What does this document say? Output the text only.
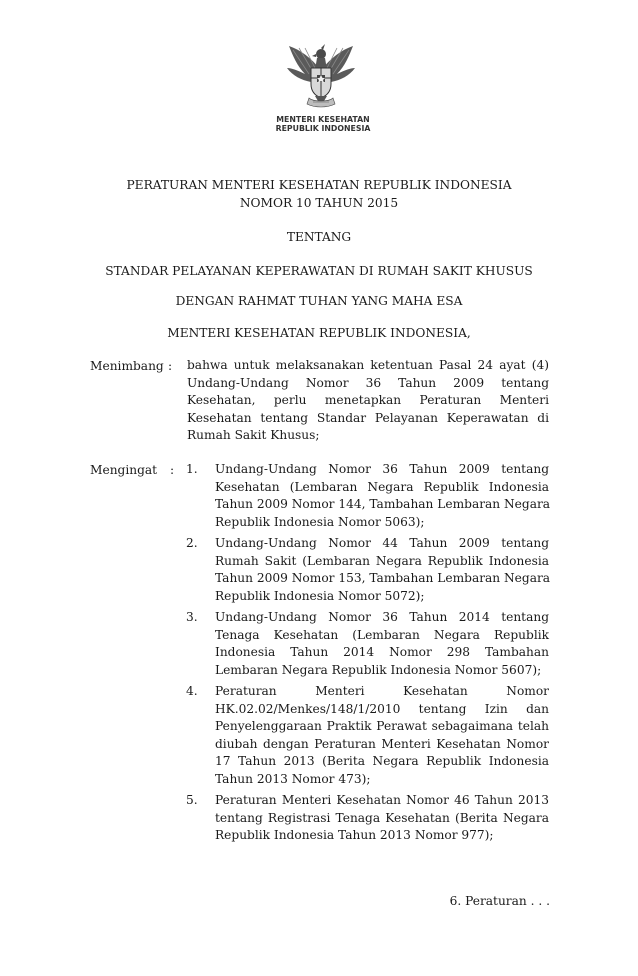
MENTERI KESEHATAN
REPUBLIK INDONESIA
PERATURAN MENTERI KESEHATAN REPUBLIK INDONESIA
NOMOR 10 TAHUN 2015
TENTANG
STANDAR PELAYANAN KEPERAWATAN DI RUMAH SAKIT KHUSUS
DENGAN RAHMAT TUHAN YANG MAHA ESA
MENTERI KESEHATAN REPUBLIK INDONESIA,
Menimbang : bahwa untuk melaksanakan ketentuan Pasal 24 ayat (4)
Undang-Undang Nomor 36 Tahun 2009 tentang
Kesehatan, perlu menetapkan Peraturan Menteri
Kesehatan tentang Standar Pelayanan Keperawatan di
Rumah Sakit Khusus;
Mengingat : 1. Undang-Undang Nomor 36 Tahun 2009 tentang
Kesehatan (Lembaran Negara Republik Indonesia
Tahun 2009 Nomor 144, Tambahan Lembaran Negara
Republik Indonesia Nomor 5063);
2. Undang-Undang Nomor 44 Tahun 2009 tentang
Rumah Sakit (Lembaran Negara Republik Indonesia
Tahun 2009 Nomor 153, Tambahan Lembaran Negara
Republik Indonesia Nomor 5072);
3. Undang-Undang Nomor 36 Tahun 2014 tentang
Tenaga Kesehatan (Lembaran Negara Republik
Indonesia Tahun 2014 Nomor 298 Tambahan
Lembaran Negara Republik Indonesia Nomor 5607);
4. Peraturan Menteri Kesehatan Nomor
HK.02.02/Menkes/148/1/2010 tentang Izin dan
Penyelenggaraan Praktik Perawat sebagaimana telah
diubah dengan Peraturan Menteri Kesehatan Nomor
17 Tahun 2013 (Berita Negara Republik Indonesia
Tahun 2013 Nomor 473);
5. Peraturan Menteri Kesehatan Nomor 46 Tahun 2013
tentang Registrasi Tenaga Kesehatan (Berita Negara
Republik Indonesia Tahun 2013 Nomor 977);
6. Peraturan . . .
